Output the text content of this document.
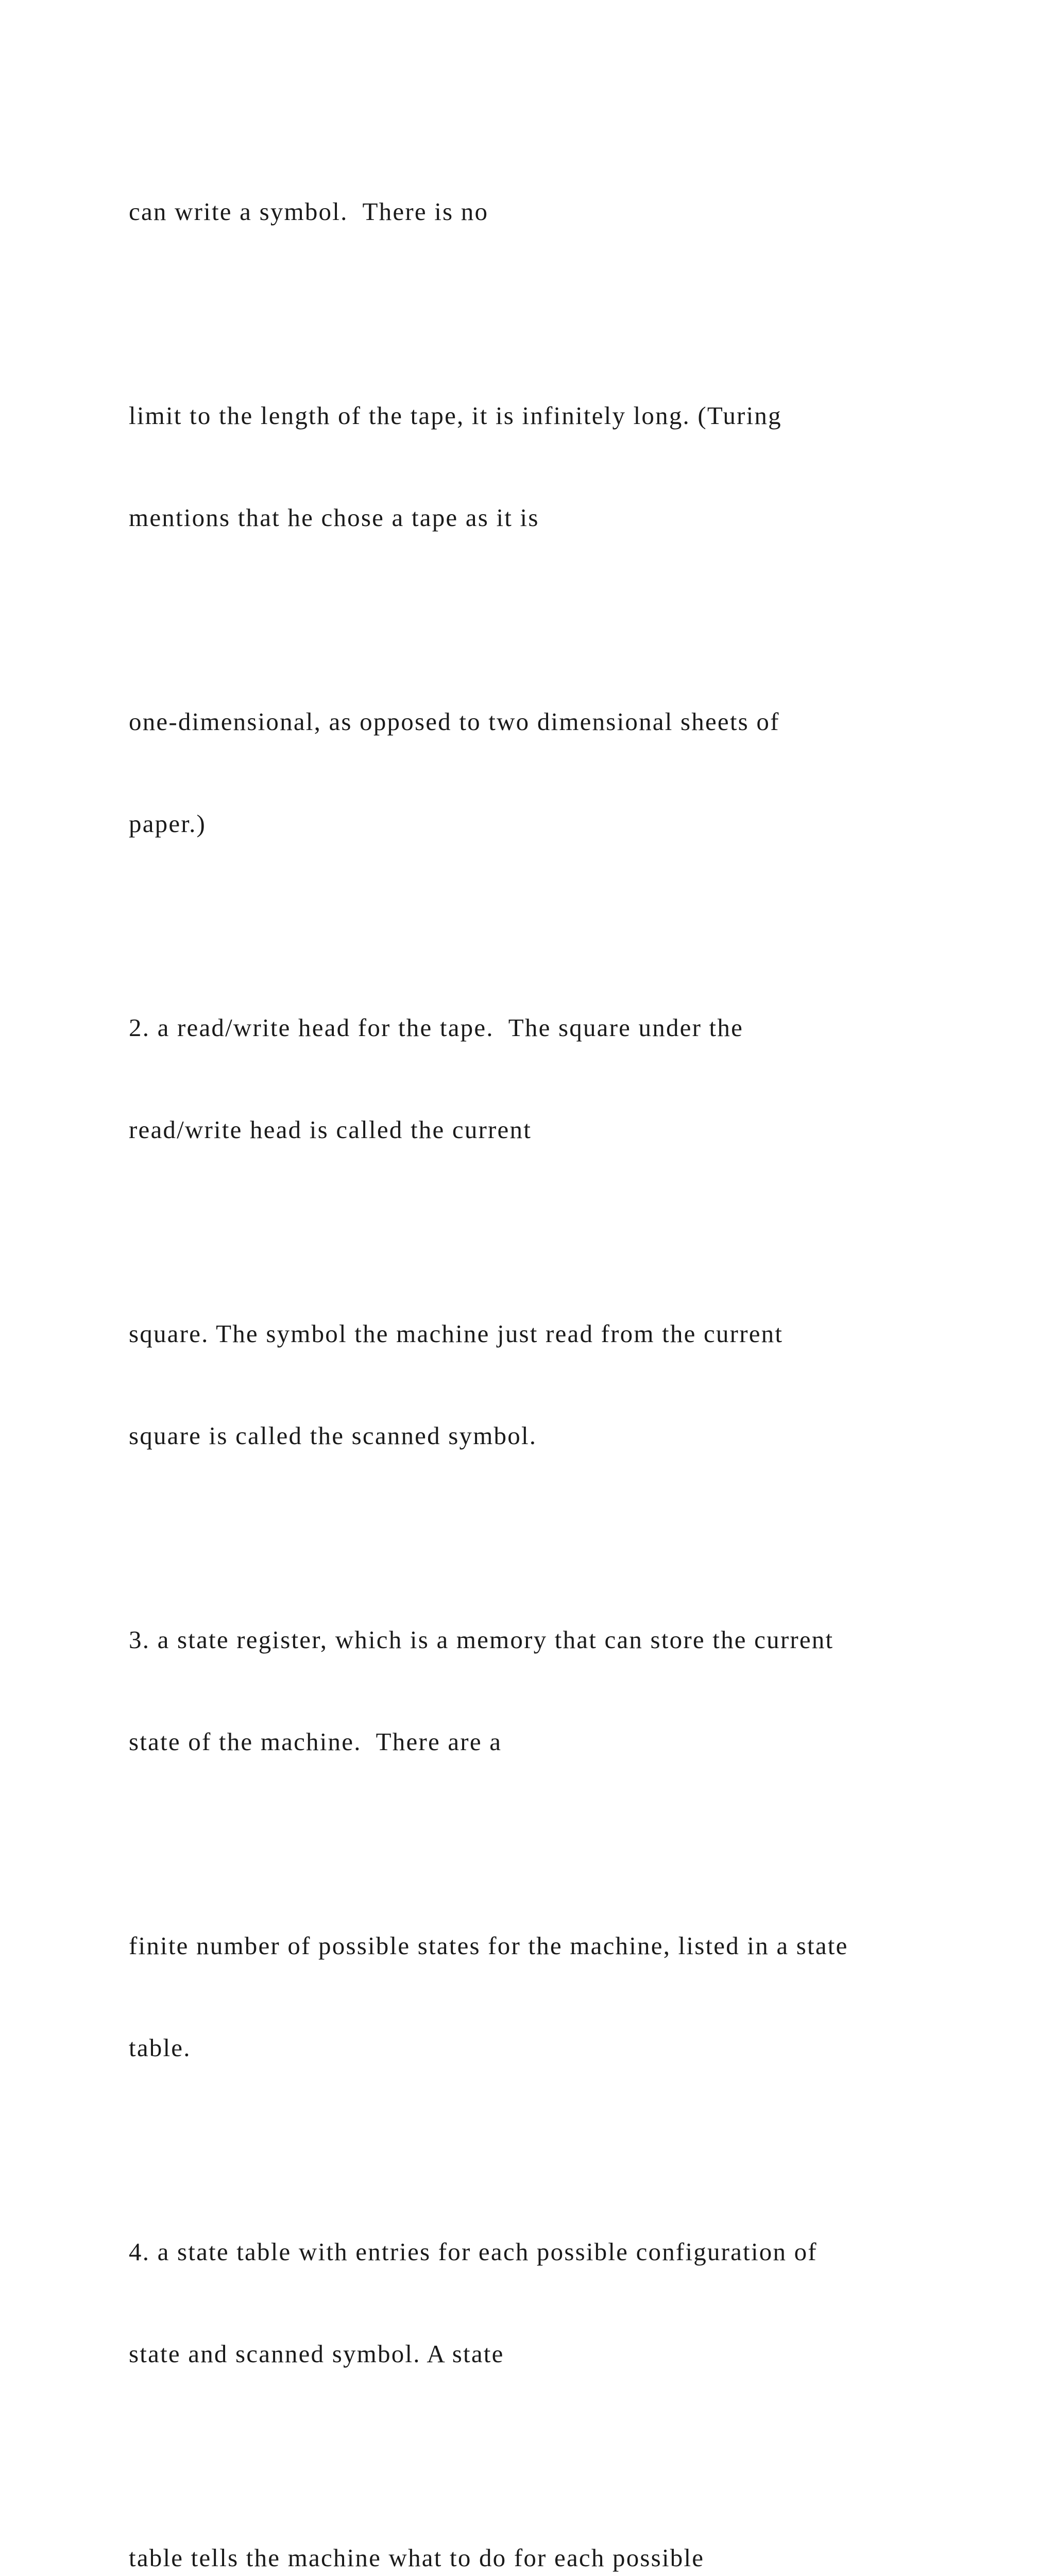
can write a symbol.  There is no

limit to the length of the tape, it is infinitely long. (Turing

mentions that he chose a tape as it is

one-dimensional, as opposed to two dimensional sheets of

paper.)

2. a read/write head for the tape.  The square under the

read/write head is called the current

square. The symbol the machine just read from the current

square is called the scanned symbol.

3. a state register, which is a memory that can store the current

state of the machine.  There are a

finite number of possible states for the machine, listed in a state

table.

4. a state table with entries for each possible configuration of

state and scanned symbol. A state

table tells the machine what to do for each possible
